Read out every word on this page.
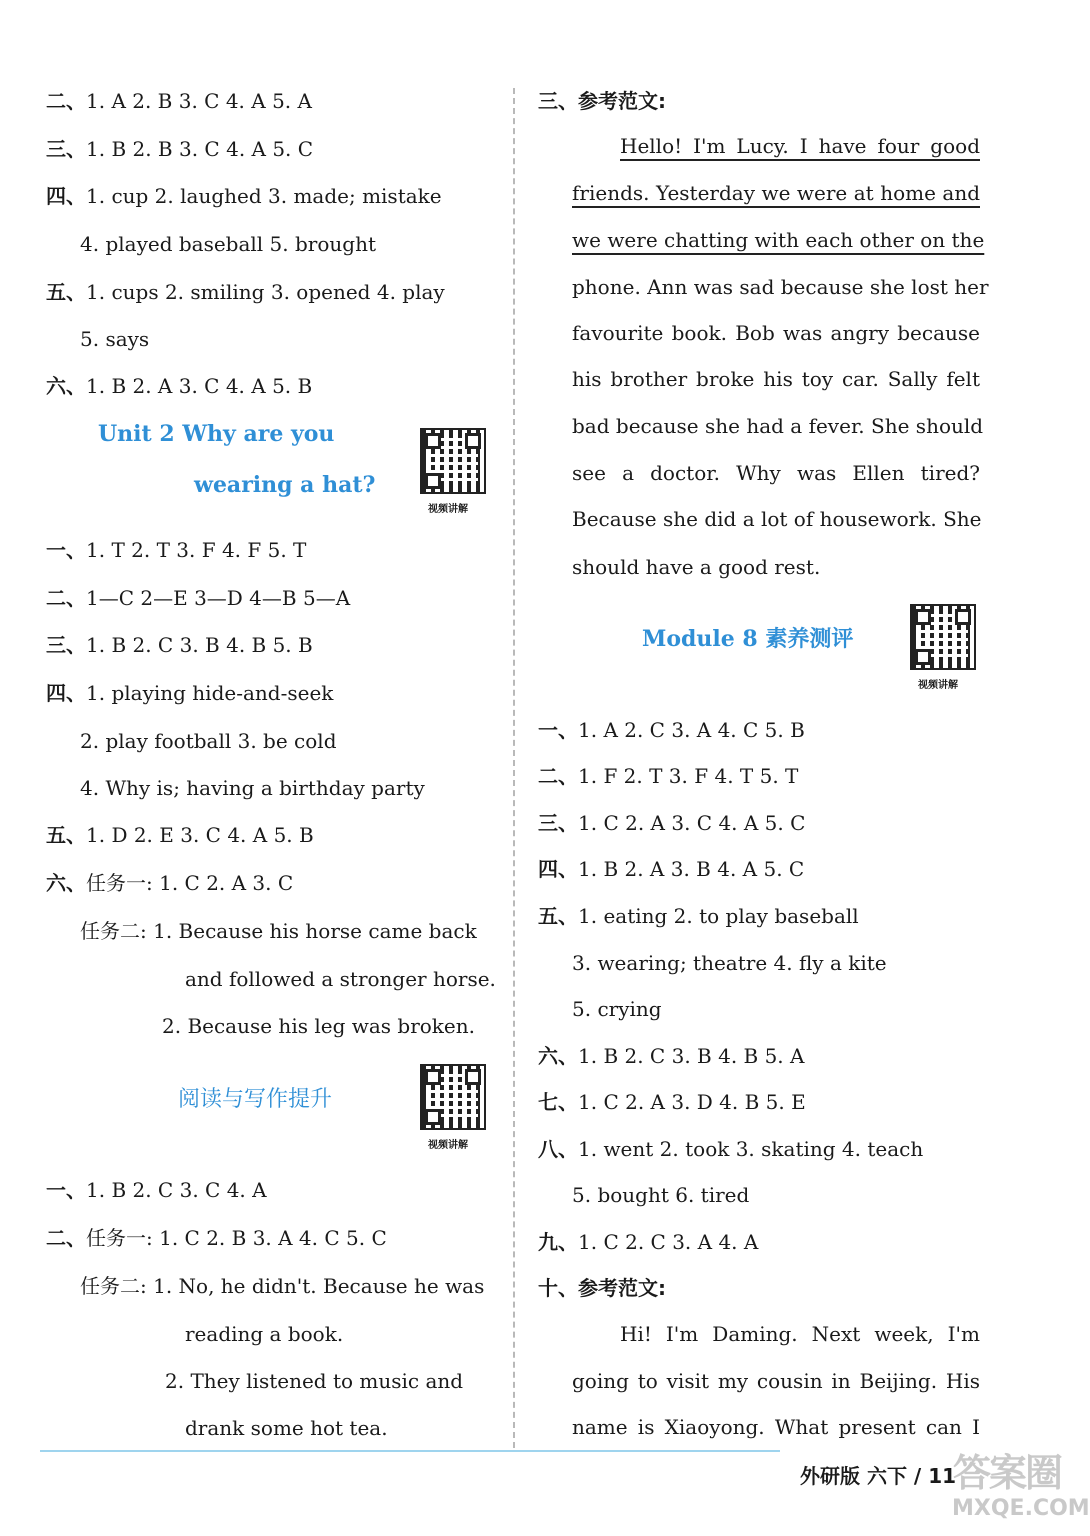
二、1. A 2. B 3. C 4. A 5. A
三、1. B 2. B 3. C 4. A 5. C
四、1. cup 2. laughed 3. made; mistake
4. played baseball 5. brought
五、1. cups 2. smiling 3. opened 4. play
5. says
六、1. B 2. A 3. C 4. A 5. B
Unit 2 Why are you
wearing a hat?
视频讲解
一、1. T 2. T 3. F 4. F 5. T
二、1—C 2—E 3—D 4—B 5—A
三、1. B 2. C 3. B 4. B 5. B
四、1. playing hide-and-seek
2. play football 3. be cold
4. Why is; having a birthday party
五、1. D 2. E 3. C 4. A 5. B
六、任务一: 1. C 2. A 3. C
任务二: 1. Because his horse came back
and followed a stronger horse.
2. Because his leg was broken.
阅读与写作提升
视频讲解
一、1. B 2. C 3. C 4. A
二、任务一: 1. C 2. B 3. A 4. C 5. C
任务二: 1. No, he didn't. Because he was
reading a book.
2. They listened to music and
drank some hot tea.
三、参考范文:
Hello! I'm Lucy. I have four good
friends. Yesterday we were at home and
we were chatting with each other on the
phone. Ann was sad because she lost her
favourite book. Bob was angry because
his brother broke his toy car. Sally felt
bad because she had a fever. She should
see a doctor. Why was Ellen tired?
Because she did a lot of housework. She
should have a good rest.
Module 8 素养测评
视频讲解
一、1. A 2. C 3. A 4. C 5. B
二、1. F 2. T 3. F 4. T 5. T
三、1. C 2. A 3. C 4. A 5. C
四、1. B 2. A 3. B 4. A 5. C
五、1. eating 2. to play baseball
3. wearing; theatre 4. fly a kite
5. crying
六、1. B 2. C 3. B 4. B 5. A
七、1. C 2. A 3. D 4. B 5. E
八、1. went 2. took 3. skating 4. teach
5. bought 6. tired
九、1. C 2. C 3. A 4. A
十、参考范文:
Hi! I'm Daming. Next week, I'm
going to visit my cousin in Beijing. His
name is Xiaoyong. What present can I
外研版 六下 / 11
答案圈
MXQE.COM
